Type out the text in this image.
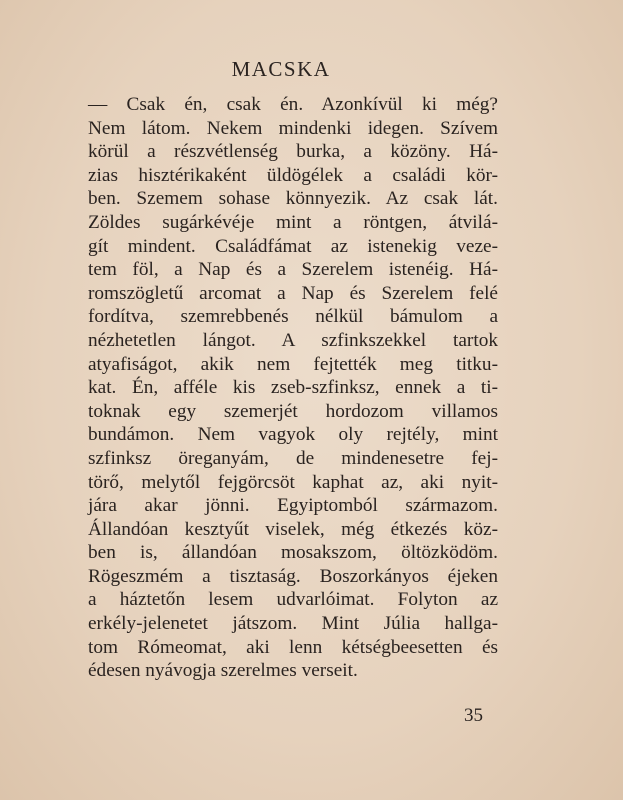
MACSKA
— Csak én, csak én. Azonkívül ki még?
Nem látom. Nekem mindenki idegen. Szívem
körül a részvétlenség burka, a közöny. Há-
zias hisztérikaként üldögélek a családi kör-
ben. Szemem sohase könnyezik. Az csak lát.
Zöldes sugárkévéje mint a röntgen, átvilá-
gít mindent. Családfámat az istenekig veze-
tem föl, a Nap és a Szerelem istenéig. Há-
romszögletű arcomat a Nap és Szerelem felé
fordítva, szemrebbenés nélkül bámulom a
nézhetetlen lángot. A szfinkszekkel tartok
atyafiságot, akik nem fejtették meg titku-
kat. Én, afféle kis zseb-szfinksz, ennek a ti-
toknak egy szemerjét hordozom villamos
bundámon. Nem vagyok oly rejtély, mint
szfinksz öreganyám, de mindenesetre fej-
törő, melytől fejgörcsöt kaphat az, aki nyit-
jára akar jönni. Egyiptomból származom.
Állandóan kesztyűt viselek, még étkezés köz-
ben is, állandóan mosakszom, öltözködöm.
Rögeszmém a tisztaság. Boszorkányos éjeken
a háztetőn lesem udvarlóimat. Folyton az
erkély-jelenetet játszom. Mint Júlia hallga-
tom Rómeomat, aki lenn kétségbeesetten és
édesen nyávogja szerelmes verseit.
35
